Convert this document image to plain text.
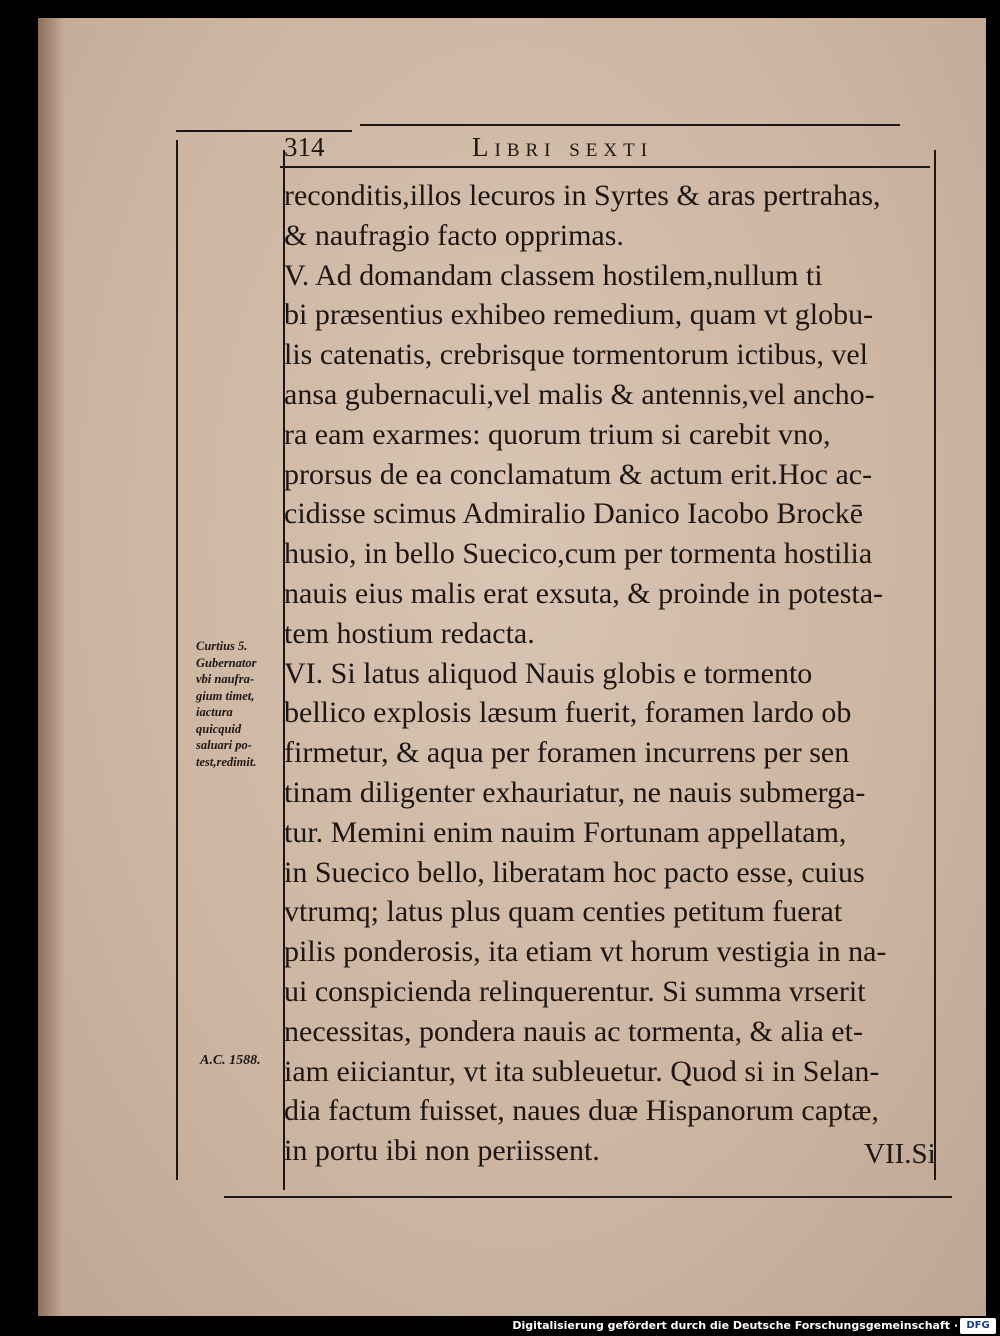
314	Libri sexti
reconditis,illos lecuros in Syrtes & aras pertrahas,
& naufragio facto opprimas.
V. Ad domandam classem hostilem,nullum ti
bi præsentius exhibeo remedium, quam vt globu-
lis catenatis, crebrisque tormentorum ictibus, vel
ansa gubernaculi,vel malis & antennis,vel ancho-
ra eam exarmes: quorum trium si carebit vno,
prorsus de ea conclamatum & actum erit.Hoc ac-
cidisse scimus Admiralio Danico Iacobo Brockē
husio, in bello Suecico,cum per tormenta hostilia
nauis eius malis erat exsuta, & proinde in potesta-
tem hostium redacta.
VI. Si latus aliquod Nauis globis e tormento
bellico explosis læsum fuerit, foramen lardo ob
firmetur, & aqua per foramen incurrens per sen
tinam diligenter exhauriatur, ne nauis submerga-
tur. Memini enim nauim Fortunam appellatam,
in Suecico bello, liberatam hoc pacto esse, cuius
vtrumq; latus plus quam centies petitum fuerat
pilis ponderosis, ita etiam vt horum vestigia in na-
ui conspicienda relinquerentur. Si summa vrserit
necessitas, pondera nauis ac tormenta, & alia et-
iam eiiciantur, vt ita subleuetur. Quod si in Selan-
dia factum fuisset, naues duæ Hispanorum captæ,
in portu ibi non periissent.
Curtius 5.
Gubernator
vbi naufra-
gium timet,
iactura
quicquid
saluari po-
test,redimit.
A.C. 1588.
VII.Si
Digitalisierung gefördert durch die Deutsche Forschungsgemeinschaft · DFG
